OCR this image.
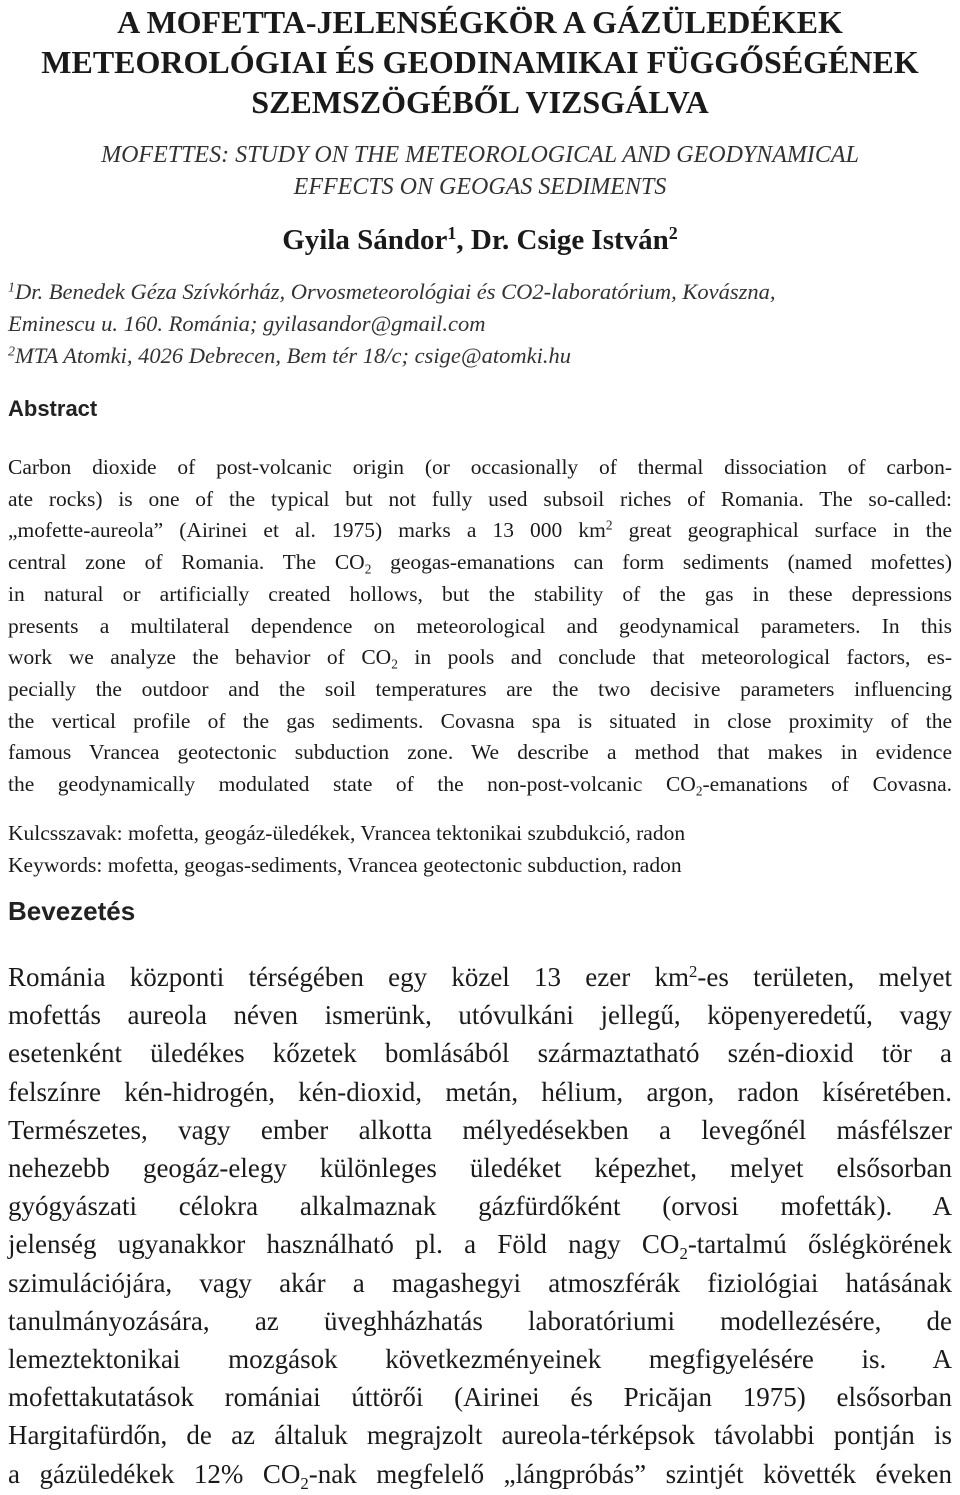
A MOFETTA-JELENSÉGKÖR A GÁZÜLEDÉKEK
METEOROLÓGIAI ÉS GEODINAMIKAI FÜGGŐSÉGÉNEK
SZEMSZÖGÉBŐL VIZSGÁLVA
MOFETTES: STUDY ON THE METEOROLOGICAL AND GEODYNAMICAL
EFFECTS ON GEOGAS SEDIMENTS
Gyila Sándor$^1$, Dr. Csige István$^2$
$^1$Dr. Benedek Géza Szívkórház, Orvosmeteorológiai és CO2-laboratórium, Kovászna,
Eminescu u. 160. Románia; gyilasandor@gmail.com
$^2$MTA Atomki, 4026 Debrecen, Bem tér 18/c; csige@atomki.hu
Abstract
Carbon dioxide of post-volcanic origin (or occasionally of thermal dissociation of carbon-
ate rocks) is one of the typical but not fully used subsoil riches of Romania. The so-called:
„mofette-aureola” (Airinei et al. 1975) marks a 13 000 $km^2$ great geographical surface in the
central zone of Romania. The $CO_2$ geogas-emanations can form sediments (named mofettes)
in natural or artificially created hollows, but the stability of the gas in these depressions
presents a multilateral dependence on meteorological and geodynamical parameters. In this
work we analyze the behavior of $CO_2$ in pools and conclude that meteorological factors, es-
pecially the outdoor and the soil temperatures are the two decisive parameters influencing
the vertical profile of the gas sediments. Covasna spa is situated in close proximity of the
famous Vrancea geotectonic subduction zone. We describe a method that makes in evidence
the geodynamically modulated state of the non-post-volcanic $CO_2$-emanations of Covasna.
Kulcsszavak: mofetta, geogáz-üledékek, Vrancea tektonikai szubdukció, radon
Keywords: mofetta, geogas-sediments, Vrancea geotectonic subduction, radon
Bevezetés
Románia központi térségében egy közel 13 ezer $km^2-es$ területen, melyet
mofettás aureola néven ismerünk, utóvulkáni jellegű, köpenyeredetű, vagy
esetenként üledékes kőzetek bomlásából származtatható szén-dioxid tör a
felszínre kén-hidrogén, kén-dioxid, metán, hélium, argon, radon kíséretében.
Természetes, vagy ember alkotta mélyedésekben a levegőnél másfélszer
nehezebb geogáz-elegy különleges üledéket képezhet, melyet elsősorban
gyógyászati célokra alkalmaznak gázfürdőként (orvosi mofetták). A
jelenség ugyanakkor használható pl. a Föld nagy $CO_2$-tartalmú őslégkörének
szimulációjára, vagy akár a magashegyi atmoszférák fiziológiai hatásának
tanulmányozására, az üveghházhatás laboratóriumi modellezésére, de
lemeztektonikai mozgások következményeinek megfigyelésére is. A
mofettakutatások romániai úttörői (Airinei és Pricăjan 1975) elsősorban
Hargitafürdőn, de az általuk megrajzolt aureola-térképsok távolabbi pontján is
a gázüledékek 12% $CO_2$-nak megfelelő „lángpróbás” szintjét követték éveken
